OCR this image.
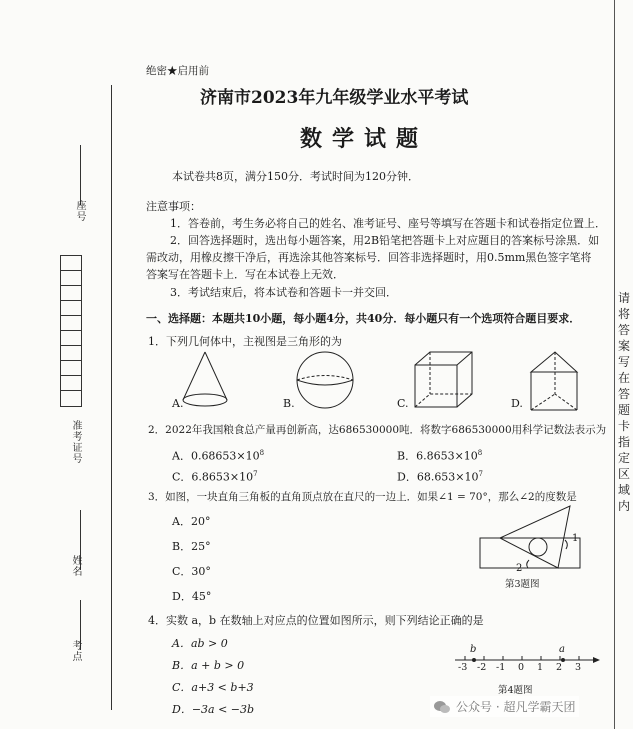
座号
准考证号
姓名
考点
请将答案写在答题卡指定区域内
绝密★启用前
济南市2023年九年级学业水平考试
数学试题
本试卷共8页，满分150分．考试时间为120分钟．
注意事项：
1．答卷前，考生务必将自己的姓名、准考证号、座号等填写在答题卡和试卷指定位置上．
2．回答选择题时，选出每小题答案，用2B铅笔把答题卡上对应题目的答案标号涂黑．如
需改动，用橡皮擦干净后，再选涂其他答案标号．回答非选择题时，用0.5mm黑色签字笔将
答案写在答题卡上．写在本试卷上无效．
3．考试结束后，将本试卷和答题卡一并交回．
一、选择题：本题共10小题，每小题4分，共40分．每小题只有一个选项符合题目要求．
1．下列几何体中，主视图是三角形的为
A.	B.	C.	D.
2．2022年我国粮食总产量再创新高，达686530000吨．将数字686530000用科学记数法表示为
A．$0.68653\times 10^8$	B．$6.8653\times 10^8$
C．$6.8653\times 10^7$	D．$68.653\times 10^7$
3．如图，一块直角三角板的直角顶点放在直尺的一边上．如果∠1 = 70°，那么∠2的度数是
A．20°
B．25°
C．30°
D．45°
1
2
第3题图
4．实数 a，b 在数轴上对应点的位置如图所示，则下列结论正确的是
A．ab > 0
B．a + b > 0
C．a+3 < b+3
D．−3a < −3b
b	a
-3 -2 -1 0 1 2 3
第4题图
公众号 · 超凡学霸天团
